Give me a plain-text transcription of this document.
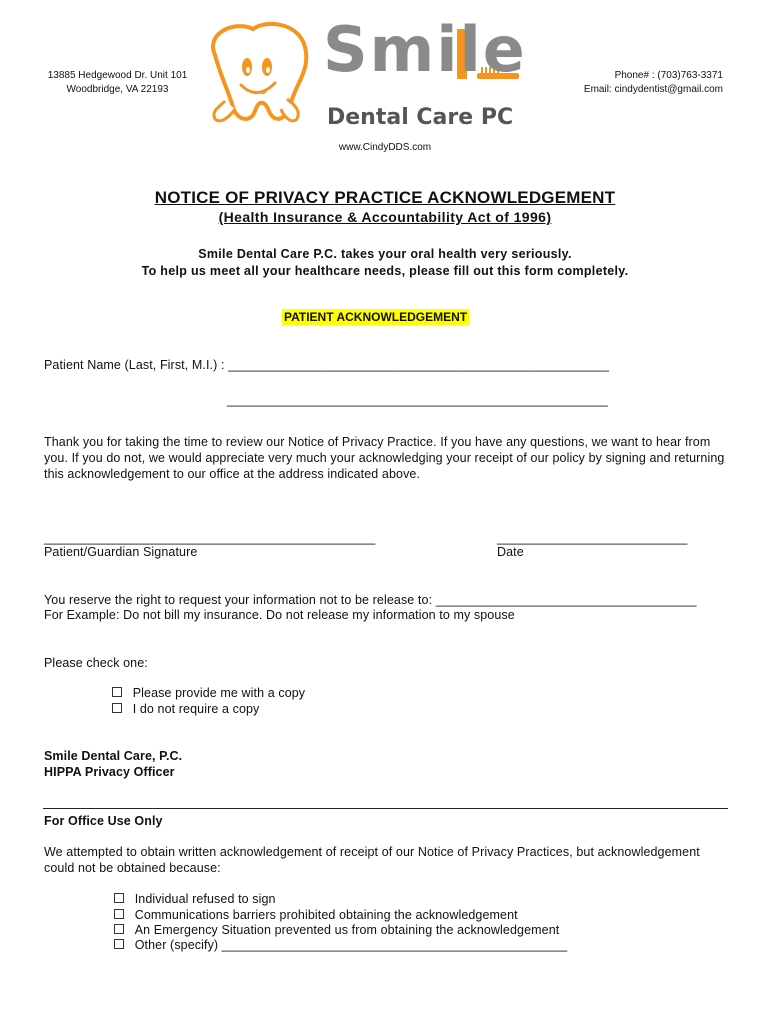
13885 Hedgewood Dr. Unit 101
Woodbridge, VA 22193
Phone# : (703)763-3371
Email: cindydentist@gmail.com
Smile
Dental Care PC
www.CindyDDS.com
NOTICE OF PRIVACY PRACTICE ACKNOWLEDGEMENT
(Health Insurance & Accountability Act of 1996)
Smile Dental Care P.C. takes your oral health very seriously.
To help us meet all your healthcare needs, please fill out this form completely.
PATIENT ACKNOWLEDGEMENT
Patient Name (Last, First, M.I.) : ______________________________________________________
______________________________________________________
Thank you for taking the time to review our Notice of Privacy Practice. If you have any questions, we want to hear from you. If you do not, we would appreciate very much your acknowledging your receipt of our policy by signing and returning this acknowledgement to our office at the address indicated above.
_______________________________________________
Patient/Guardian Signature
___________________________
Date
You reserve the right to request your information not to be release to: _____________________________________
For Example: Do not bill my insurance. Do not release my information to my spouse
Please check one:
Please provide me with a copy
I do not require a copy
Smile Dental Care, P.C.
HIPPA Privacy Officer
For Office Use Only
We attempted to obtain written acknowledgement of receipt of our Notice of Privacy Practices, but acknowledgement could not be obtained because:
Individual refused to sign
Communications barriers prohibited obtaining the acknowledgement
An Emergency Situation prevented us from obtaining the acknowledgement
Other (specify) _________________________________________________
